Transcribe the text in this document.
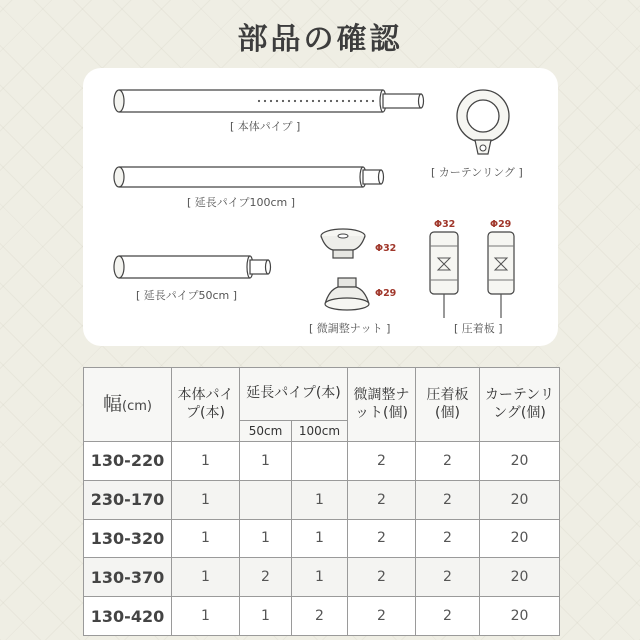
部品の確認
[ 本体パイプ ]
[ カーテンリング ]
[ 延長パイプ100cm ]
[ 延長パイプ50cm ]
Φ32
Φ29
[ 微調整ナット ]
Φ32	Φ29
[ 圧着板 ]
幅(cm)	本体パイプ(本)	延長パイプ(本)		微調整ナット(個)	圧着板(個)	カーテンリング(個)
		50cm	100cm			
130-220	1	1		2	2	20
230-170	1		1	2	2	20
130-320	1	1	1	2	2	20
130-370	1	2	1	2	2	20
130-420	1	1	2	2	2	20
